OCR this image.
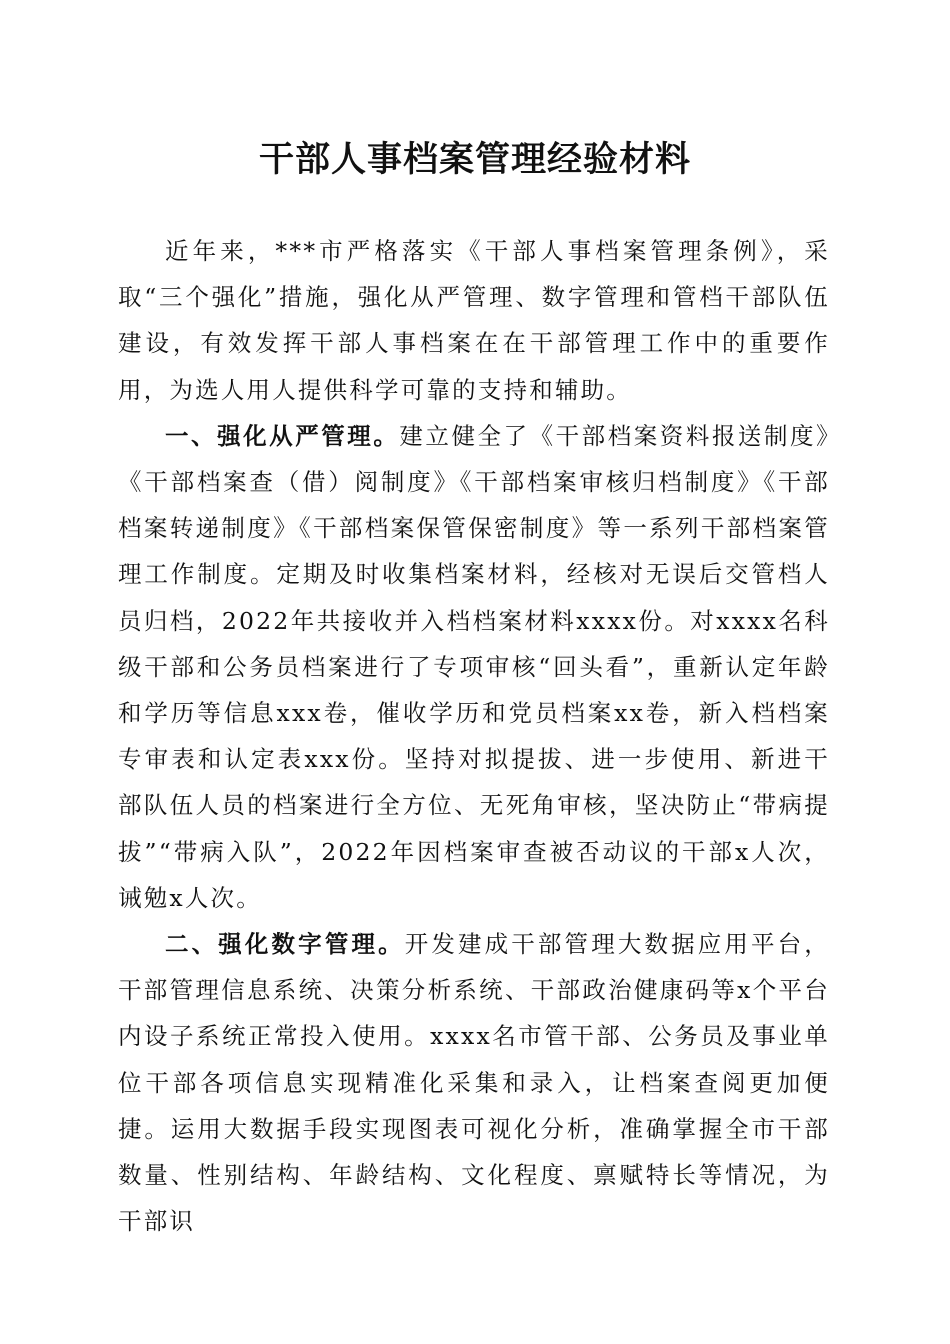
干部人事档案管理经验材料

近年来，***市严格落实《干部人事档案管理条例》，采取“三个强化”措施，强化从严管理、数字管理和管档干部队伍建设，有效发挥干部人事档案在在干部管理工作中的重要作用，为选人用人提供科学可靠的支持和辅助。

一、强化从严管理。建立健全了《干部档案资料报送制度》《干部档案查（借）阅制度》《干部档案审核归档制度》《干部档案转递制度》《干部档案保管保密制度》等一系列干部档案管理工作制度。定期及时收集档案材料，经核对无误后交管档人员归档，2022年共接收并入档档案材料xxxx份。对xxxx名科级干部和公务员档案进行了专项审核“回头看”，重新认定年龄和学历等信息xxx卷，催收学历和党员档案xx卷，新入档档案专审表和认定表xxx份。坚持对拟提拔、进一步使用、新进干部队伍人员的档案进行全方位、无死角审核，坚决防止“带病提拔”“带病入队”，2022年因档案审查被否动议的干部x人次，诫勉x人次。

二、强化数字管理。开发建成干部管理大数据应用平台，干部管理信息系统、决策分析系统、干部政治健康码等x个平台内设子系统正常投入使用。xxxx名市管干部、公务员及事业单位干部各项信息实现精准化采集和录入，让档案查阅更加便捷。运用大数据手段实现图表可视化分析，准确掌握全市干部数量、性别结构、年龄结构、文化程度、禀赋特长等情况，为干部识
